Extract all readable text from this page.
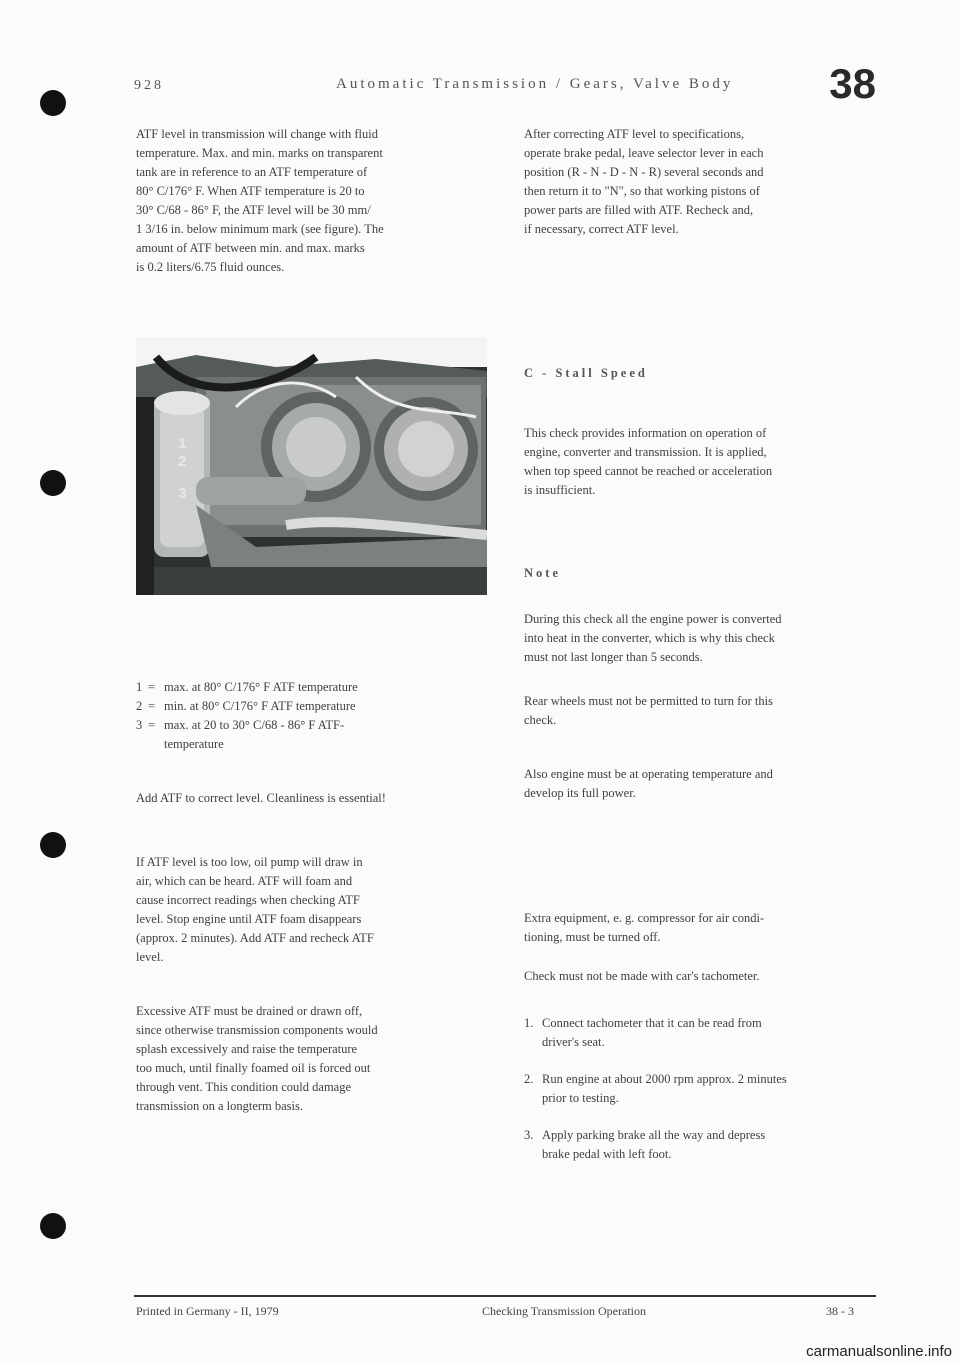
928	Automatic Transmission / Gears, Valve Body 38

ATF level in transmission will change with fluid
temperature. Max. and min. marks on transparent
tank are in reference to an ATF temperature of
80° C/176° F. When ATF temperature is 20 to
30° C/68 - 86° F, the ATF level will be 30 mm/
1 3/16 in. below minimum mark (see figure). The
amount of ATF between min. and max. marks
is 0.2 liters/6.75 fluid ounces.

1
2
3
1 = max. at 80° C/176° F ATF temperature
2 = min. at 80° C/176° F ATF temperature
3 = max. at 20 to 30° C/68 - 86° F ATF-
temperature

Add ATF to correct level. Cleanliness is essential!

If ATF level is too low, oil pump will draw in
air, which can be heard. ATF will foam and
cause incorrect readings when checking ATF
level. Stop engine until ATF foam disappears
(approx. 2 minutes). Add ATF and recheck ATF
level.

Excessive ATF must be drained or drawn off,
since otherwise transmission components would
splash excessively and raise the temperature
too much, until finally foamed oil is forced out
through vent. This condition could damage
transmission on a longterm basis.

After correcting ATF level to specifications,
operate brake pedal, leave selector lever in each
position (R - N - D - N - R) several seconds and
then return it to "N", so that working pistons of
power parts are filled with ATF. Recheck and,
if necessary, correct ATF level.

C - Stall Speed

This check provides information on operation of
engine, converter and transmission. It is applied,
when top speed cannot be reached or acceleration
is insufficient.

Note

During this check all the engine power is converted
into heat in the converter, which is why this check
must not last longer than 5 seconds.

Rear wheels must not be permitted to turn for this
check.

Also engine must be at operating temperature and
develop its full power.

Extra equipment, e. g. compressor for air condi-
tioning, must be turned off.

Check must not be made with car's tachometer.

1. Connect tachometer that it can be read from
driver's seat.
2. Run engine at about 2000 rpm approx. 2 minutes
prior to testing.
3. Apply parking brake all the way and depress
brake pedal with left foot.
Printed in Germany - II, 1979	Checking Transmission Operation	38 - 3
carmanualsonline.info
